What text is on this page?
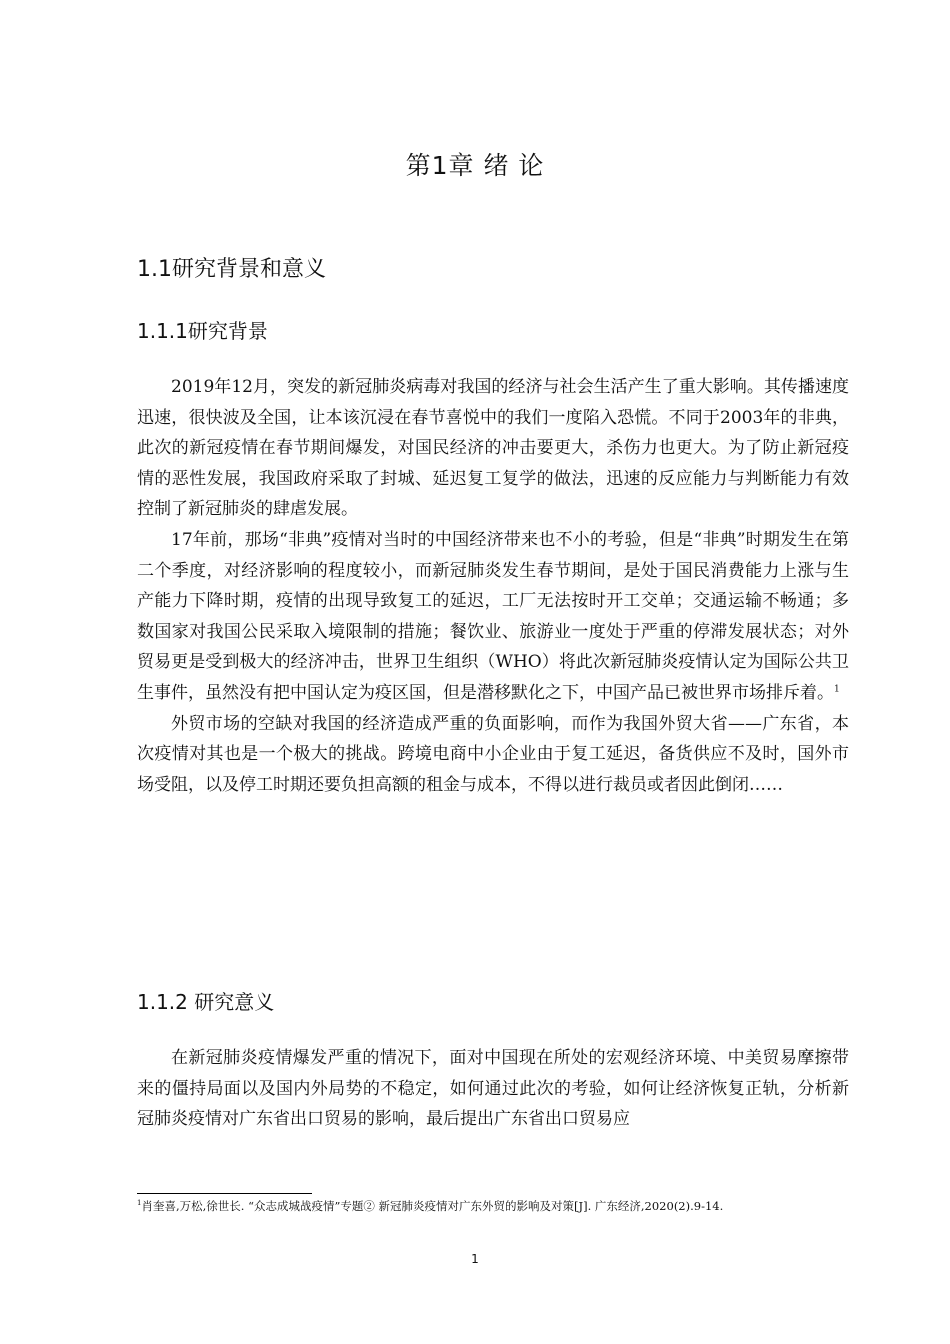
第1章 绪 论
1.1研究背景和意义
1.1.1研究背景

2019年12月，突发的新冠肺炎病毒对我国的经济与社会生活产生了重大影响。其传播速度迅速，很快波及全国，让本该沉浸在春节喜悦中的我们一度陷入恐慌。不同于2003年的非典，此次的新冠疫情在春节期间爆发，对国民经济的冲击要更大，杀伤力也更大。为了防止新冠疫情的恶性发展，我国政府采取了封城、延迟复工复学的做法，迅速的反应能力与判断能力有效控制了新冠肺炎的肆虐发展。

17年前，那场“非典”疫情对当时的中国经济带来也不小的考验，但是“非典”时期发生在第二个季度，对经济影响的程度较小，而新冠肺炎发生春节期间，是处于国民消费能力上涨与生产能力下降时期，疫情的出现导致复工的延迟，工厂无法按时开工交单；交通运输不畅通；多数国家对我国公民采取入境限制的措施；餐饮业、旅游业一度处于严重的停滞发展状态；对外贸易更是受到极大的经济冲击，世界卫生组织（WHO）将此次新冠肺炎疫情认定为国际公共卫生事件，虽然没有把中国认定为疫区国，但是潜移默化之下，中国产品已被世界市场排斥着。$^1$

外贸市场的空缺对我国的经济造成严重的负面影响，而作为我国外贸大省——广东省，本次疫情对其也是一个极大的挑战。跨境电商中小企业由于复工延迟，备货供应不及时，国外市场受阻，以及停工时期还要负担高额的租金与成本，不得以进行裁员或者因此倒闭……

1.1.2 研究意义

在新冠肺炎疫情爆发严重的情况下，面对中国现在所处的宏观经济环境、中美贸易摩擦带来的僵持局面以及国内外局势的不稳定，如何通过此次的考验，如何让经济恢复正轨，分析新冠肺炎疫情对广东省出口贸易的影响，最后提出广东省出口贸易应

$^1$肖奎喜,万松,徐世长. “众志成城战疫情”专题② 新冠肺炎疫情对广东外贸的影响及对策[J]. 广东经济,2020(2).9-14.

1
